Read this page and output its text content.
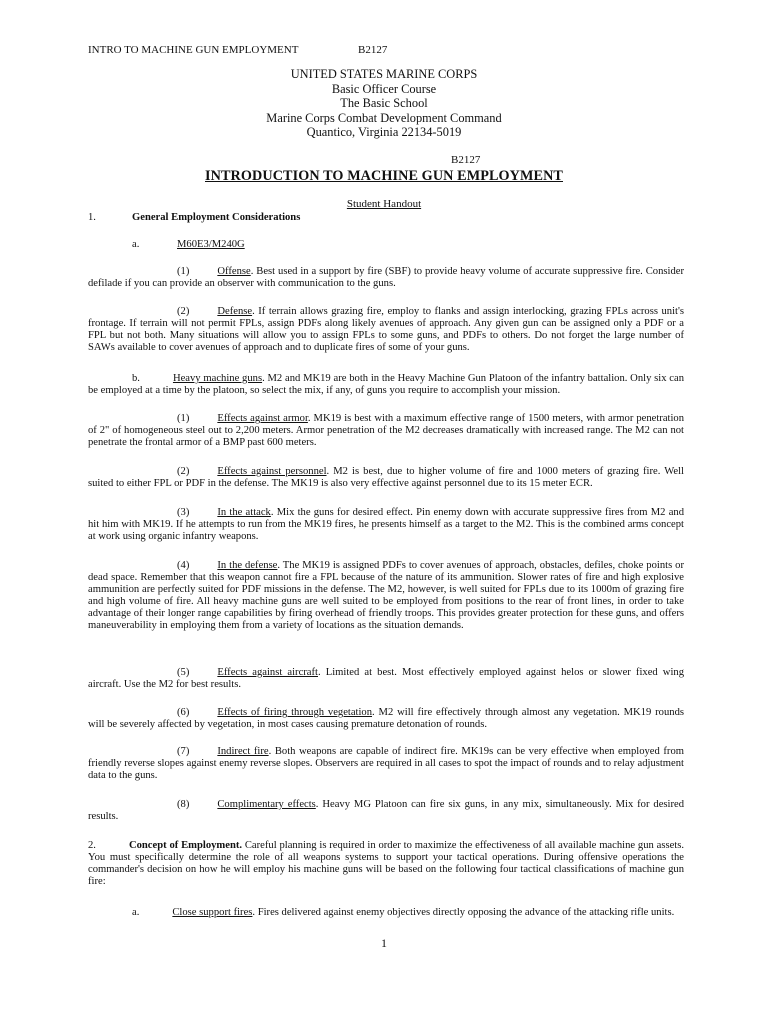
INTRO TO MACHINE GUN EMPLOYMENT	B2127
UNITED STATES MARINE CORPS
Basic Officer Course
The Basic School
Marine Corps Combat Development Command
Quantico, Virginia 22134-5019
B2127
INTRODUCTION TO MACHINE GUN EMPLOYMENT
Student Handout
1.	General Employment Considerations
a.	M60E3/M240G
(1)	Offense. Best used in a support by fire (SBF) to provide heavy volume of accurate suppressive fire. Consider defilade if you can provide an observer with communication to the guns.
(2)	Defense. If terrain allows grazing fire, employ to flanks and assign interlocking, grazing FPLs across unit's frontage. If terrain will not permit FPLs, assign PDFs along likely avenues of approach. Any given gun can be assigned only a PDF or a FPL but not both. Many situations will allow you to assign FPLs to some guns, and PDFs to others. Do not forget the large number of SAWs available to cover avenues of approach and to duplicate fires of some of your guns.
b.	Heavy machine guns. M2 and MK19 are both in the Heavy Machine Gun Platoon of the infantry battalion. Only six can be employed at a time by the platoon, so select the mix, if any, of guns you require to accomplish your mission.
(1)	Effects against armor. MK19 is best with a maximum effective range of 1500 meters, with armor penetration of 2" of homogeneous steel out to 2,200 meters. Armor penetration of the M2 decreases dramatically with increased range. The M2 can not penetrate the frontal armor of a BMP past 600 meters.
(2)	Effects against personnel. M2 is best, due to higher volume of fire and 1000 meters of grazing fire. Well suited to either FPL or PDF in the defense. The MK19 is also very effective against personnel due to its 15 meter ECR.
(3)	In the attack. Mix the guns for desired effect. Pin enemy down with accurate suppressive fires from M2 and hit him with MK19. If he attempts to run from the MK19 fires, he presents himself as a target to the M2. This is the combined arms concept at work using organic infantry weapons.
(4)	In the defense. The MK19 is assigned PDFs to cover avenues of approach, obstacles, defiles, choke points or dead space. Remember that this weapon cannot fire a FPL because of the nature of its ammunition. Slower rates of fire and high explosive ammunition are perfectly suited for PDF missions in the defense. The M2, however, is well suited for FPLs due to its 1000m of grazing fire and high volume of fire. All heavy machine guns are well suited to be employed from positions to the rear of front lines, in order to take advantage of their longer range capabilities by firing overhead of friendly troops. This provides greater protection for these guns, and offers maneuverability in employing them from a variety of locations as the situation demands.
(5)	Effects against aircraft. Limited at best. Most effectively employed against helos or slower fixed wing aircraft. Use the M2 for best results.
(6)	Effects of firing through vegetation. M2 will fire effectively through almost any vegetation. MK19 rounds will be severely affected by vegetation, in most cases causing premature detonation of rounds.
(7)	Indirect fire. Both weapons are capable of indirect fire. MK19s can be very effective when employed from friendly reverse slopes against enemy reverse slopes. Observers are required in all cases to spot the impact of rounds and to relay adjustment data to the guns.
(8)	Complimentary effects. Heavy MG Platoon can fire six guns, in any mix, simultaneously. Mix for desired results.
2.	Concept of Employment. Careful planning is required in order to maximize the effectiveness of all available machine gun assets. You must specifically determine the role of all weapons systems to support your tactical operations. During offensive operations the commander's decision on how he will employ his machine guns will be based on the following four tactical classifications of machine gun fire:
a.	Close support fires. Fires delivered against enemy objectives directly opposing the advance of the attacking rifle units.
1
